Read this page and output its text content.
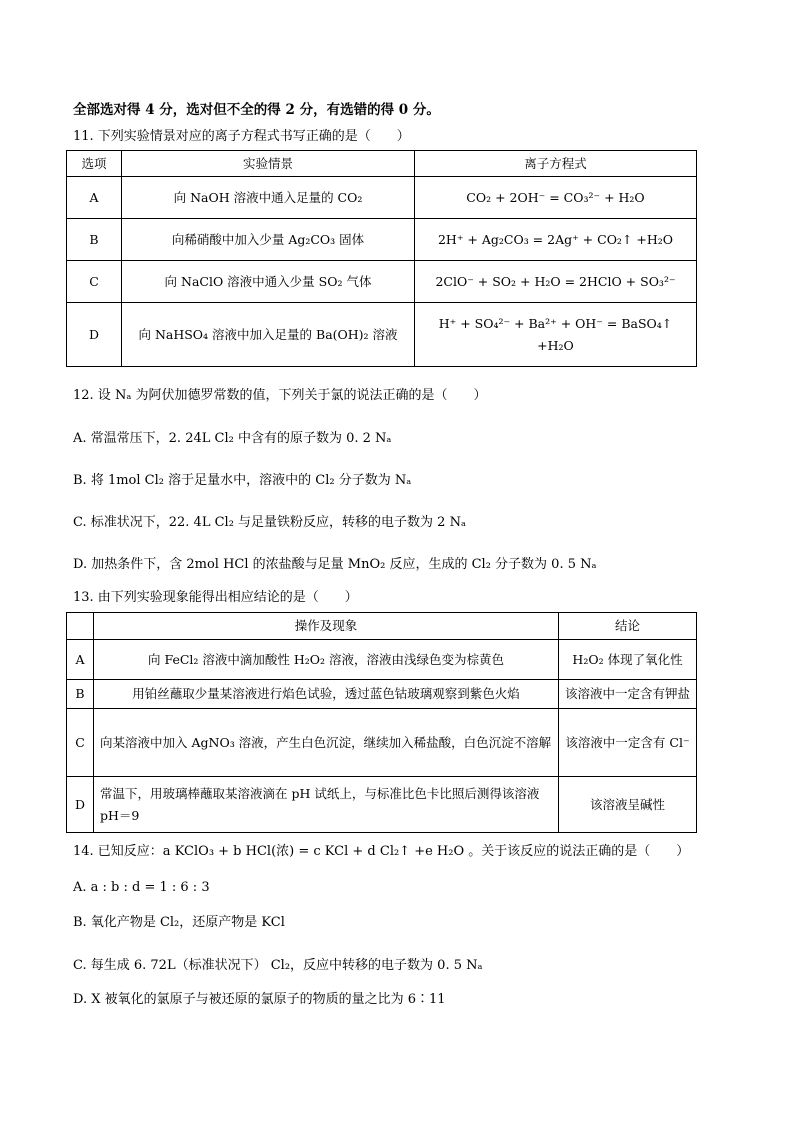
全部选对得 4 分，选对但不全的得 2 分，有选错的得 0 分。
11. 下列实验情景对应的离子方程式书写正确的是（　　）
选项	实验情景	离子方程式
A	向 NaOH 溶液中通入足量的 CO₂	CO₂ + 2OH⁻ = CO₃²⁻ + H₂O
B	向稀硝酸中加入少量 Ag₂CO₃ 固体	2H⁺ + Ag₂CO₃ = 2Ag⁺ + CO₂↑ +H₂O
C	向 NaClO 溶液中通入少量 SO₂ 气体	2ClO⁻ + SO₂ + H₂O = 2HClO + SO₃²⁻
D	向 NaHSO₄ 溶液中加入足量的 Ba(OH)₂ 溶液	H⁺ + SO₄²⁻ + Ba²⁺ + OH⁻ = BaSO₄↑ +H₂O
12. 设 Nₐ 为阿伏加德罗常数的值，下列关于氯的说法正确的是（　　）
A. 常温常压下，2. 24L Cl₂ 中含有的原子数为 0. 2 Nₐ
B. 将 1mol Cl₂ 溶于足量水中，溶液中的 Cl₂ 分子数为 Nₐ
C. 标准状况下，22. 4L Cl₂ 与足量铁粉反应，转移的电子数为 2 Nₐ
D. 加热条件下，含 2mol HCl 的浓盐酸与足量 MnO₂ 反应，生成的 Cl₂ 分子数为 0. 5 Nₐ
13. 由下列实验现象能得出相应结论的是（　　）
	操作及现象	结论
A	向 FeCl₂ 溶液中滴加酸性 H₂O₂ 溶液，溶液由浅绿色变为棕黄色	H₂O₂ 体现了氧化性
B	用铂丝蘸取少量某溶液进行焰色试验，透过蓝色钴玻璃观察到紫色火焰	该溶液中一定含有钾盐
C	向某溶液中加入 AgNO₃ 溶液，产生白色沉淀，继续加入稀盐酸，白色沉淀不溶解	该溶液中一定含有 Cl⁻
D	常温下，用玻璃棒蘸取某溶液滴在 pH 试纸上，与标准比色卡比照后测得该溶液 pH＝9	该溶液呈碱性
14. 已知反应：a KClO₃ + b HCl(浓) = c KCl + d Cl₂↑ +e H₂O 。关于该反应的说法正确的是（　　）
A. a : b : d = 1 : 6 : 3
B. 氧化产物是 Cl₂，还原产物是 KCl
C. 每生成 6. 72L（标准状况下） Cl₂，反应中转移的电子数为 0. 5 Nₐ
D. X 被氧化的氯原子与被还原的氯原子的物质的量之比为 6∶11
